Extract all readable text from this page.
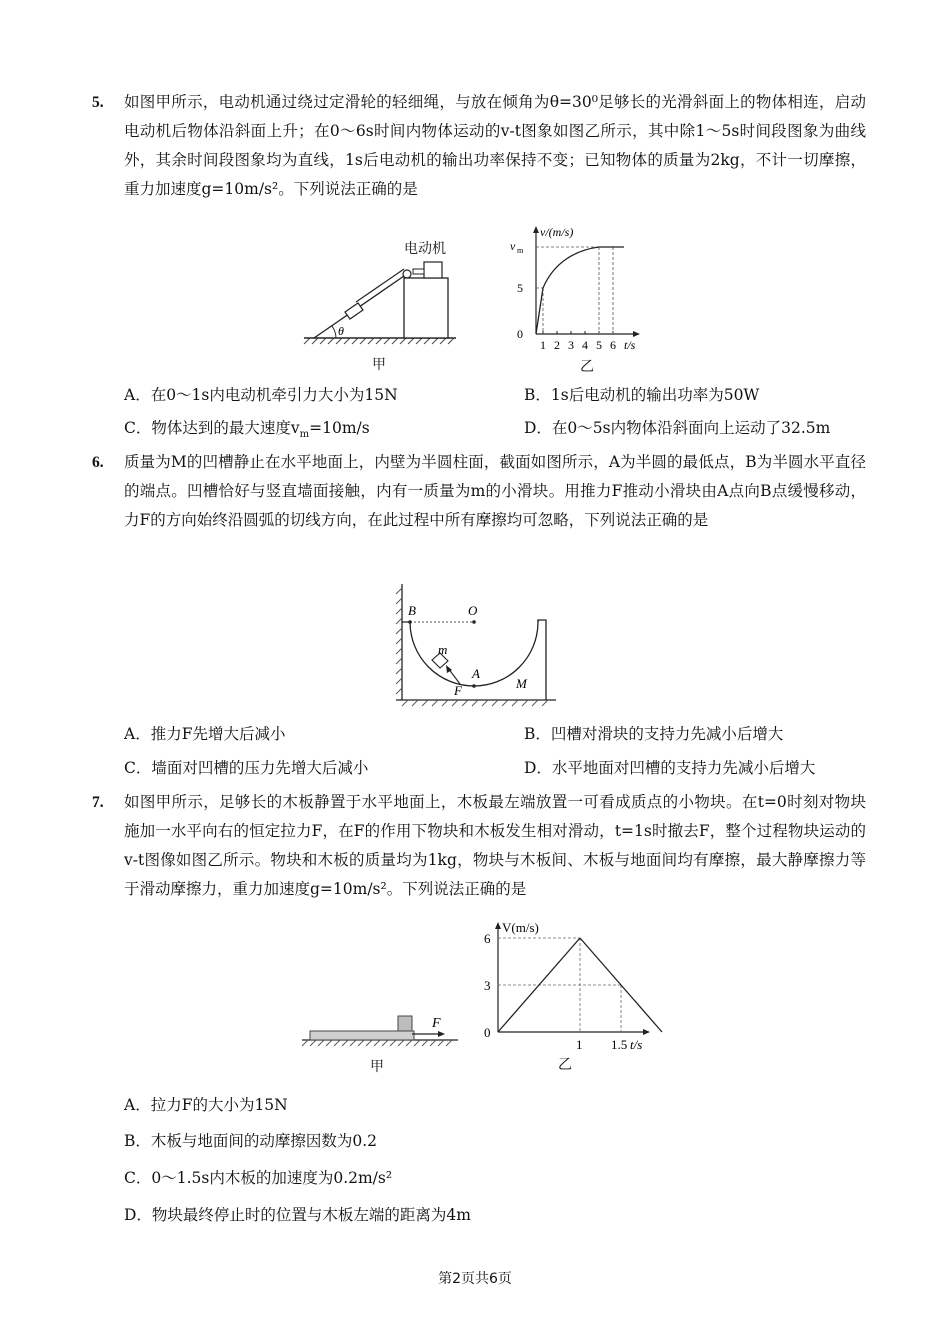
5. 如图甲所示，电动机通过绕过定滑轮的轻细绳，与放在倾角为θ=30⁰足够长的光滑斜面上的物体相连，启动电动机后物体沿斜面上升；在0～6s时间内物体运动的v-t图象如图乙所示，其中除1～5s时间段图象为曲线外，其余时间段图象均为直线，1s后电动机的输出功率保持不变；已知物体的质量为2kg，不计一切摩擦，重力加速度g=10m/s²。下列说法正确的是
θ
电动机
甲
v/(m/s)
v m
5
0
1 2 3 4 5 6 t/s
乙
A．在0～1s内电动机牵引力大小为15N	B．1s后电动机的输出功率为50W
C．物体达到的最大速度$v_m=10m/s$	D．在0～5s内物体沿斜面向上运动了32.5m
6. 质量为M的凹槽静止在水平地面上，内壁为半圆柱面，截面如图所示，A为半圆的最低点，B为半圆水平直径的端点。凹槽恰好与竖直墙面接触，内有一质量为m的小滑块。用推力F推动小滑块由A点向B点缓慢移动，力F的方向始终沿圆弧的切线方向，在此过程中所有摩擦均可忽略，下列说法正确的是
B	O
m
A
M
F
A．推力F先增大后减小	B．凹槽对滑块的支持力先减小后增大
C．墙面对凹槽的压力先增大后减小	D．水平地面对凹槽的支持力先减小后增大
7. 如图甲所示，足够长的木板静置于水平地面上，木板最左端放置一可看成质点的小物块。在t=0时刻对物块施加一水平向右的恒定拉力F，在F的作用下物块和木板发生相对滑动，t=1s时撤去F，整个过程物块运动的v-t图像如图乙所示。物块和木板的质量均为1kg，物块与木板间、木板与地面间均有摩擦，最大静摩擦力等于滑动摩擦力，重力加速度g=10m/s²。下列说法正确的是
F
甲
6
3
1 1.5
V(m/s)
t/s
0
乙
A．拉力F的大小为15N
B．木板与地面间的动摩擦因数为0.2
C．0～1.5s内木板的加速度为0.2m/s²
D．物块最终停止时的位置与木板左端的距离为4m
第2页共6页
